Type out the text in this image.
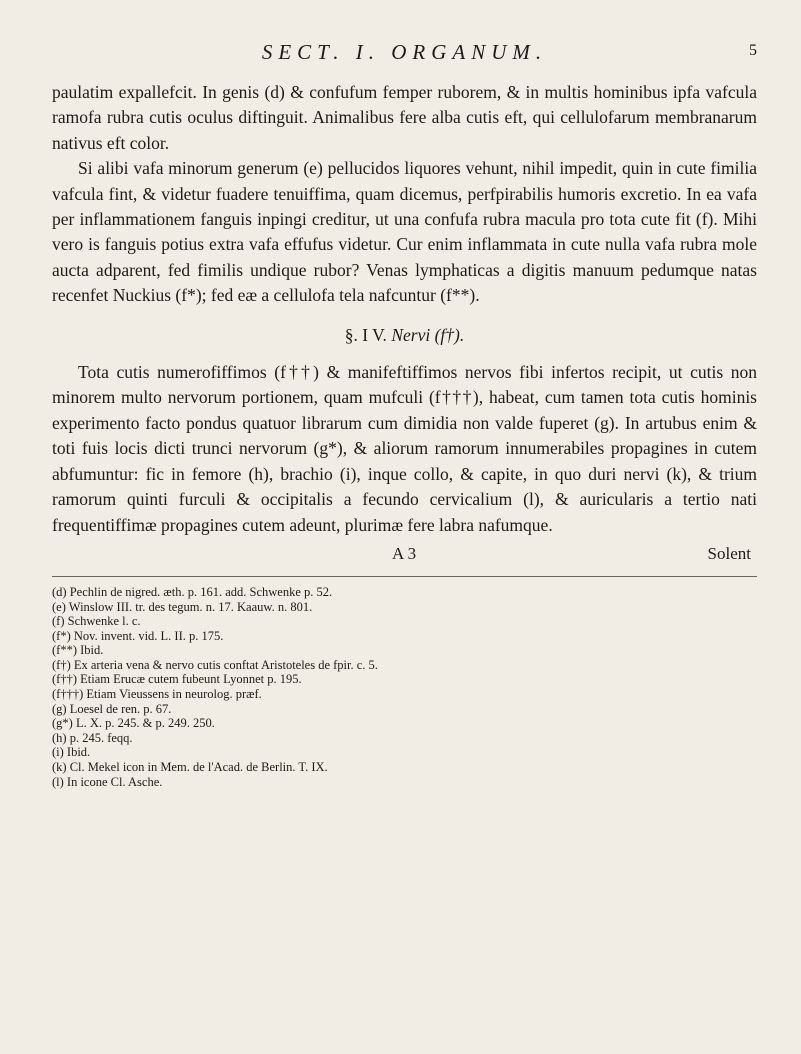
SECT. I. ORGANUM.	5

paulatim expallefcit. In genis (d) & confufum femper ruborem, & in multis hominibus ipfa vafcula ramofa rubra cutis oculus diftinguit. Animalibus fere alba cutis eft, qui cellulofarum membranarum nativus eft color.

Si alibi vafa minorum generum (e) pellucidos liquores vehunt, nihil impedit, quin in cute fimilia vafcula fint, & videtur fuadere tenuiffima, quam dicemus, perfpirabilis humoris excretio. In ea vafa per inflammationem fanguis inpingi creditur, ut una confufa rubra macula pro tota cute fit (f). Mihi vero is fanguis potius extra vafa effufus videtur. Cur enim inflammata in cute nulla vafa rubra mole aucta adparent, fed fimilis undique rubor? Venas lymphaticas a digitis manuum pedumque natas recenfet Nuckius (f*); fed eæ a cellulofa tela nafcuntur (f**).

§. I V. Nervi (f†).

Tota cutis numerofiffimos (f††) & manifeftiffimos nervos fibi infertos recipit, ut cutis non minorem multo nervorum portionem, quam mufculi (f†††), habeat, cum tamen tota cutis hominis experimento facto pondus quatuor librarum cum dimidia non valde fuperet (g). In artubus enim & toti fuis locis dicti trunci nervorum (g*), & aliorum ramorum innumerabiles propagines in cutem abfumuntur: fic in femore (h), brachio (i), inque collo, & capite, in quo duri nervi (k), & trium ramorum quinti furculi & occipitalis a fecundo cervicalium (l), & auricularis a tertio nati frequentiffimæ propagines cutem adeunt, plurimæ fere labra nafumque.

A 3	Solent
(d) Pechlin de nigred. æth. p. 161. add. Schwenke p. 52.
(e) Winslow III. tr. des tegum. n. 17. Kaauw. n. 801.
(f) Schwenke l. c.
(f*) Nov. invent. vid. L. II. p. 175.
(f**) Ibid.
(f†) Ex arteria vena & nervo cutis conftat Aristoteles de fpir. c. 5.
(f††) Etiam Erucæ cutem fubeunt Lyonnet p. 195.
(f†††) Etiam Vieussens in neurolog. præf.
(g) Loesel de ren. p. 67.
(g*) L. X. p. 245. & p. 249. 250.
(h) p. 245. feqq.
(i) Ibid.
(k) Cl. Mekel icon in Mem. de l'Acad. de Berlin. T. IX.
(l) In icone Cl. Asche.
